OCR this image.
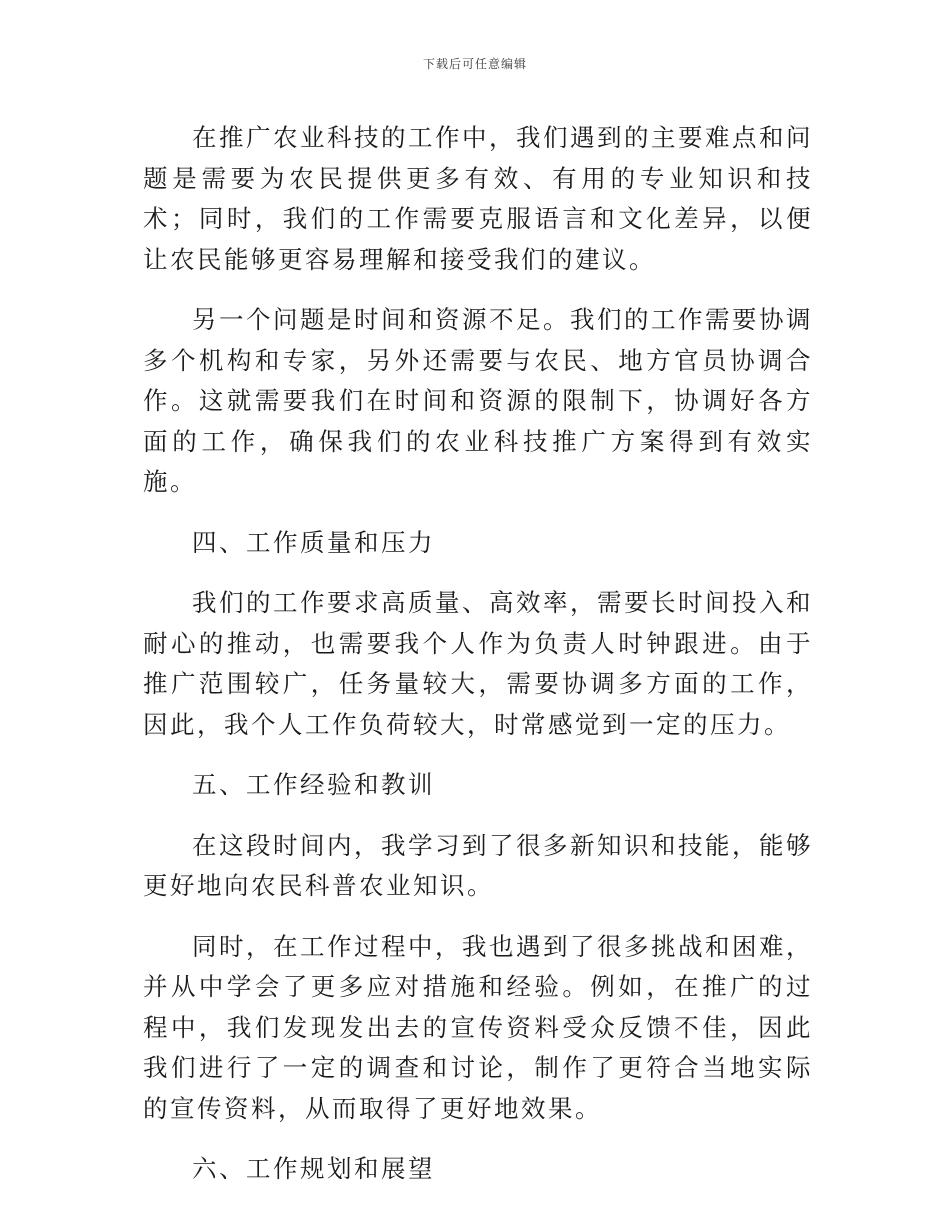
下载后可任意编辑

在推广农业科技的工作中，我们遇到的主要难点和问题是需要为农民提供更多有效、有用的专业知识和技术；同时，我们的工作需要克服语言和文化差异，以便让农民能够更容易理解和接受我们的建议。

另一个问题是时间和资源不足。我们的工作需要协调多个机构和专家，另外还需要与农民、地方官员协调合作。这就需要我们在时间和资源的限制下，协调好各方面的工作，确保我们的农业科技推广方案得到有效实施。

四、工作质量和压力

我们的工作要求高质量、高效率，需要长时间投入和耐心的推动，也需要我个人作为负责人时钟跟进。由于推广范围较广，任务量较大，需要协调多方面的工作，因此，我个人工作负荷较大，时常感觉到一定的压力。

五、工作经验和教训

在这段时间内，我学习到了很多新知识和技能，能够更好地向农民科普农业知识。

同时，在工作过程中，我也遇到了很多挑战和困难，并从中学会了更多应对措施和经验。例如，在推广的过程中，我们发现发出去的宣传资料受众反馈不佳，因此我们进行了一定的调查和讨论，制作了更符合当地实际的宣传资料，从而取得了更好地效果。

六、工作规划和展望
